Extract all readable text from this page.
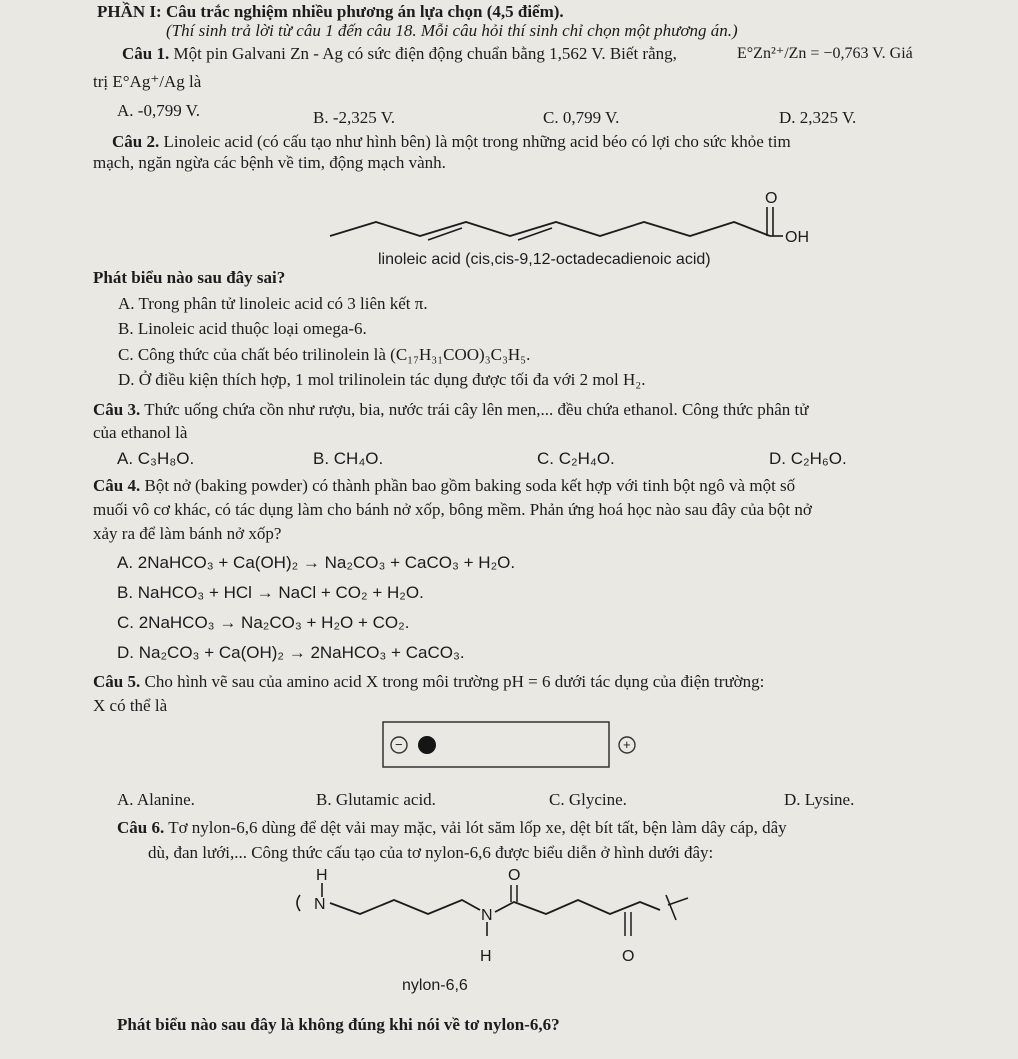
PHẦN I: Câu trắc nghiệm nhiều phương án lựa chọn (4,5 điểm).
(Thí sinh trả lời từ câu 1 đến câu 18. Mỗi câu hỏi thí sinh chỉ chọn một phương án.)
Câu 1. Một pin Galvani Zn - Ag có sức điện động chuẩn bằng 1,562 V. Biết rằng,	E°Zn²⁺/Zn = −0,763 V. Giá
trị E°Ag⁺/Ag là
A. -0,799 V.	B. -2,325 V.	C. 0,799 V.	D. 2,325 V.
Câu 2. Linoleic acid (có cấu tạo như hình bên) là một trong những acid béo có lợi cho sức khỏe tim
mạch, ngăn ngừa các bệnh về tim, động mạch vành.
O
OH
linoleic acid (cis,cis-9,12-octadecadienoic acid)
Phát biểu nào sau đây sai?
A. Trong phân tử linoleic acid có 3 liên kết π.
B. Linoleic acid thuộc loại omega-6.
C. Công thức của chất béo trilinolein là (C₁₇H₃₁COO)₃C₃H₅.
D. Ở điều kiện thích hợp, 1 mol trilinolein tác dụng được tối đa với 2 mol H₂.
Câu 3. Thức uống chứa cồn như rượu, bia, nước trái cây lên men,... đều chứa ethanol. Công thức phân tử
của ethanol là
A. C₃H₈O.	B. CH₄O.	C. C₂H₄O.	D. C₂H₆O.
Câu 4. Bột nở (baking powder) có thành phần bao gồm baking soda kết hợp với tinh bột ngô và một số
muối vô cơ khác, có tác dụng làm cho bánh nở xốp, bông mềm. Phản ứng hoá học nào sau đây của bột nở
xảy ra để làm bánh nở xốp?
A. 2NaHCO₃ + Ca(OH)₂ → Na₂CO₃ + CaCO₃ + H₂O.
B. NaHCO₃ + HCl → NaCl + CO₂ + H₂O.
C. 2NaHCO₃ → Na₂CO₃ + H₂O + CO₂.
D. Na₂CO₃ + Ca(OH)₂ → 2NaHCO₃ + CaCO₃.
Câu 5. Cho hình vẽ sau của amino acid X trong môi trường pH = 6 dưới tác dụng của điện trường:
X có thể là
−	+
A. Alanine.	B. Glutamic acid.	C. Glycine.	D. Lysine.
Câu 6. Tơ nylon-6,6 dùng để dệt vải may mặc, vải lót săm lốp xe, dệt bít tất, bện làm dây cáp, dây
dù, đan lưới,... Công thức cấu tạo của tơ nylon-6,6 được biểu diễn ở hình dưới đây:
H
N
N
H
O
O
nylon-6,6
Phát biểu nào sau đây là không đúng khi nói về tơ nylon-6,6?
